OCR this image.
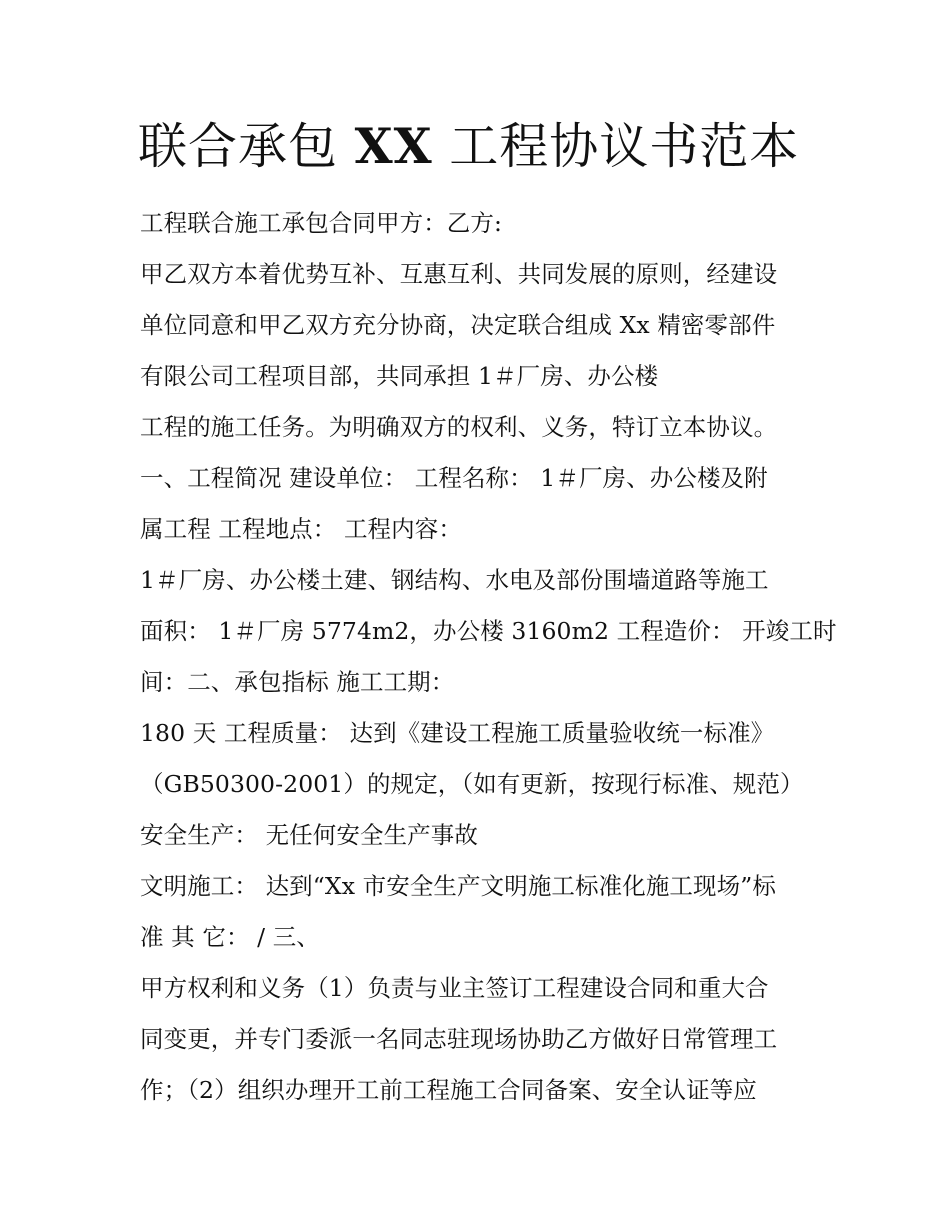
联合承包 XX 工程协议书范本
工程联合施工承包合同甲方：乙方:
甲乙双方本着优势互补、互惠互利、共同发展的原则，经建设
单位同意和甲乙双方充分协商，决定联合组成 Xx 精密零部件
有限公司工程项目部，共同承担 1＃厂房、办公楼
工程的施工任务。为明确双方的权利、义务，特订立本协议。
一、工程简况 建设单位： 工程名称： 1＃厂房、办公楼及附
属工程 工程地点： 工程内容：
1＃厂房、办公楼土建、钢结构、水电及部份围墙道路等施工
面积： 1＃厂房 5774m2，办公楼 3160m2 工程造价： 开竣工时
间：二、承包指标 施工工期：
180 天 工程质量： 达到《建设工程施工质量验收统一标准》
（GB50300-2001）的规定，（如有更新，按现行标准、规范）
安全生产： 无任何安全生产事故
文明施工： 达到“Xx 市安全生产文明施工标准化施工现场”标
准 其 它： / 三、
甲方权利和义务（1）负责与业主签订工程建设合同和重大合
同变更，并专门委派一名同志驻现场协助乙方做好日常管理工
作；（2）组织办理开工前工程施工合同备案、安全认证等应
